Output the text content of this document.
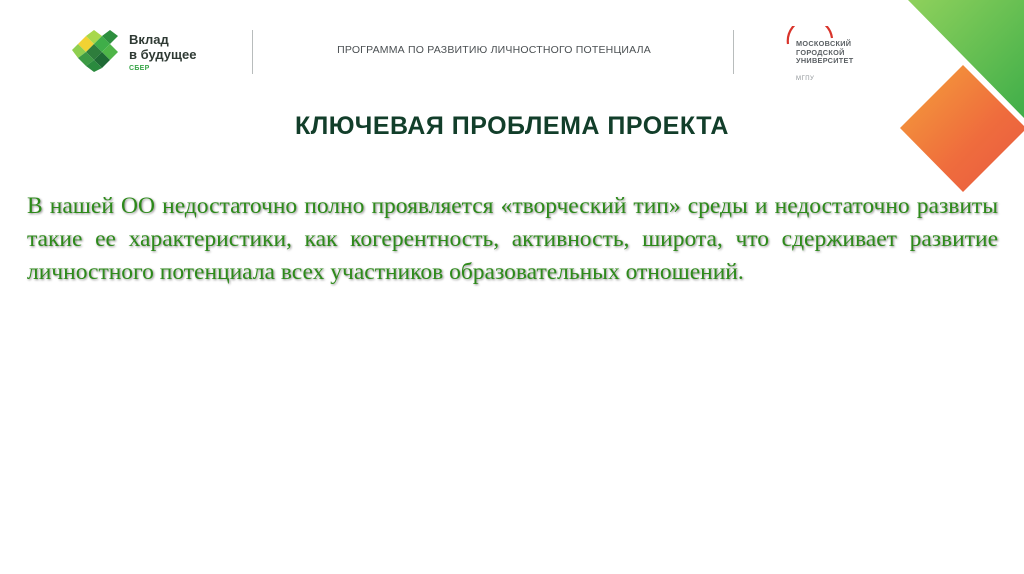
Вклад
в будущее
СБЕР
ПРОГРАММА ПО РАЗВИТИЮ ЛИЧНОСТНОГО ПОТЕНЦИАЛА
МОСКОВСКИЙ
ГОРОДСКОЙ
УНИВЕРСИТЕТ
МГПУ
КЛЮЧЕВАЯ ПРОБЛЕМА ПРОЕКТА
В нашей ОО недостаточно полно проявляется «творческий тип» среды и недостаточно развиты такие ее характеристики, как когерентность, активность, широта, что сдерживает развитие личностного потенциала всех участников образовательных отношений.
